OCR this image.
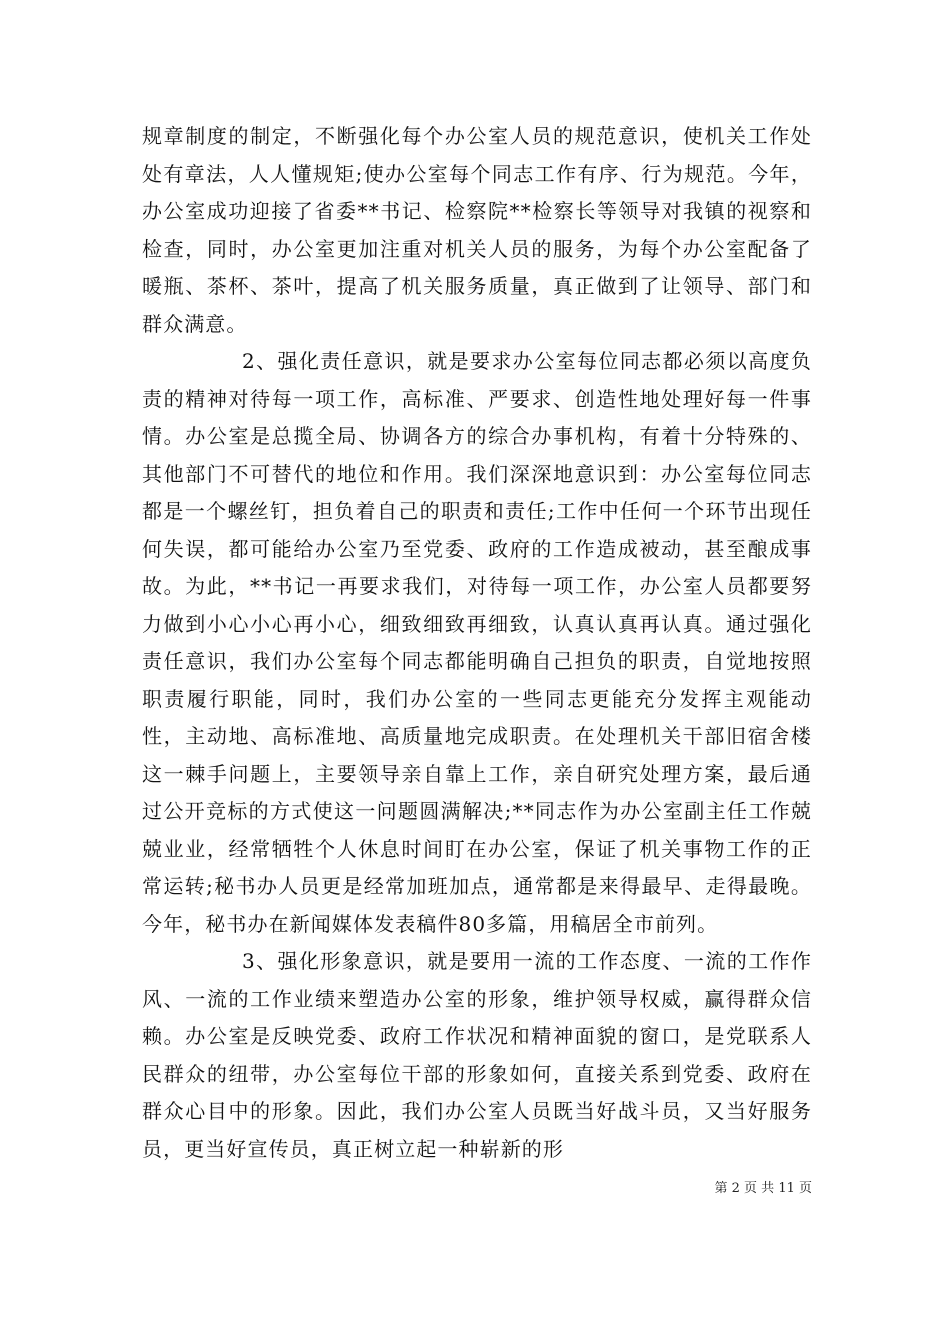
规章制度的制定，不断强化每个办公室人员的规范意识，使机关工作处处有章法，人人懂规矩;使办公室每个同志工作有序、行为规范。今年，办公室成功迎接了省委**书记、检察院**检察长等领导对我镇的视察和检查，同时，办公室更加注重对机关人员的服务，为每个办公室配备了暖瓶、茶杯、茶叶，提高了机关服务质量，真正做到了让领导、部门和群众满意。

2、强化责任意识，就是要求办公室每位同志都必须以高度负责的精神对待每一项工作，高标准、严要求、创造性地处理好每一件事情。办公室是总揽全局、协调各方的综合办事机构，有着十分特殊的、其他部门不可替代的地位和作用。我们深深地意识到：办公室每位同志都是一个螺丝钉，担负着自己的职责和责任;工作中任何一个环节出现任何失误，都可能给办公室乃至党委、政府的工作造成被动，甚至酿成事故。为此，**书记一再要求我们，对待每一项工作，办公室人员都要努力做到小心小心再小心，细致细致再细致，认真认真再认真。通过强化责任意识，我们办公室每个同志都能明确自己担负的职责，自觉地按照职责履行职能，同时，我们办公室的一些同志更能充分发挥主观能动性，主动地、高标准地、高质量地完成职责。在处理机关干部旧宿舍楼这一棘手问题上，主要领导亲自靠上工作，亲自研究处理方案，最后通过公开竞标的方式使这一问题圆满解决;**同志作为办公室副主任工作兢兢业业，经常牺牲个人休息时间盯在办公室，保证了机关事物工作的正常运转;秘书办人员更是经常加班加点，通常都是来得最早、走得最晚。今年，秘书办在新闻媒体发表稿件80多篇，用稿居全市前列。

3、强化形象意识，就是要用一流的工作态度、一流的工作作风、一流的工作业绩来塑造办公室的形象，维护领导权威，赢得群众信赖。办公室是反映党委、政府工作状况和精神面貌的窗口，是党联系人民群众的纽带，办公室每位干部的形象如何，直接关系到党委、政府在群众心目中的形象。因此，我们办公室人员既当好战斗员，又当好服务员，更当好宣传员，真正树立起一种崭新的形

第 2 页 共 11 页
